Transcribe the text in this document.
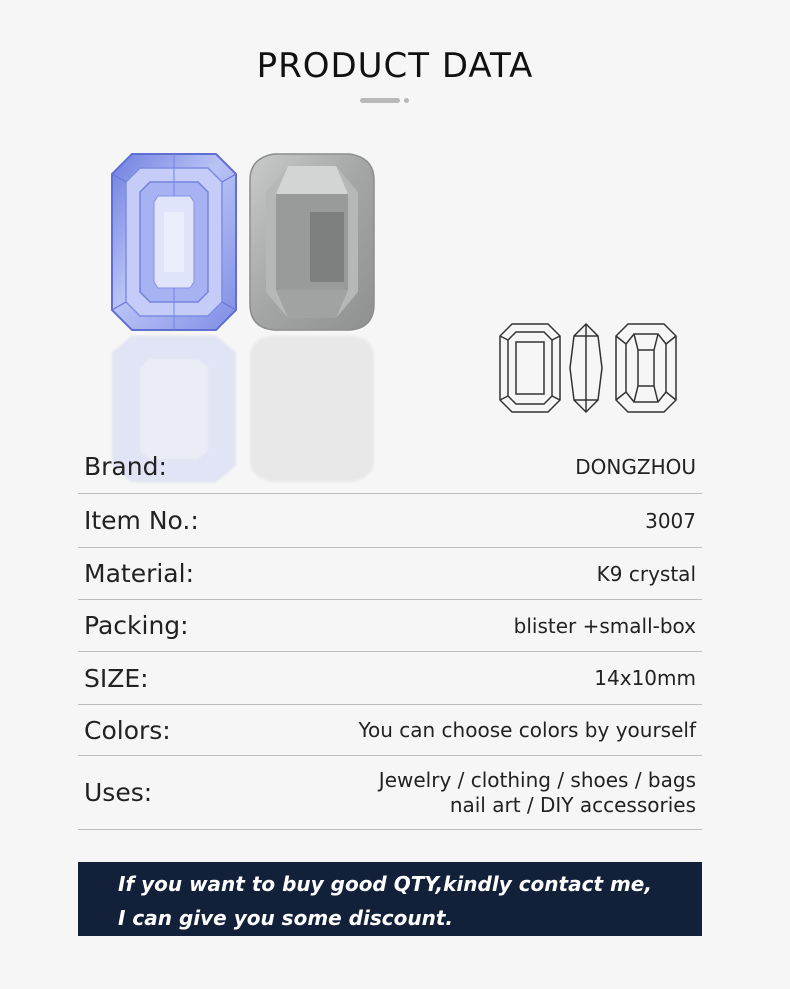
PRODUCT DATA
Brand:	DONGZHOU
Item No.:	3007
Material:	K9 crystal
Packing:	blister +small-box
SIZE:	14x10mm
Colors:	You can choose colors by yourself
Uses:	Jewelry / clothing / shoes / bags
nail art / DIY accessories
If you want to buy good QTY,kindly contact me,
I can give you some discount.
